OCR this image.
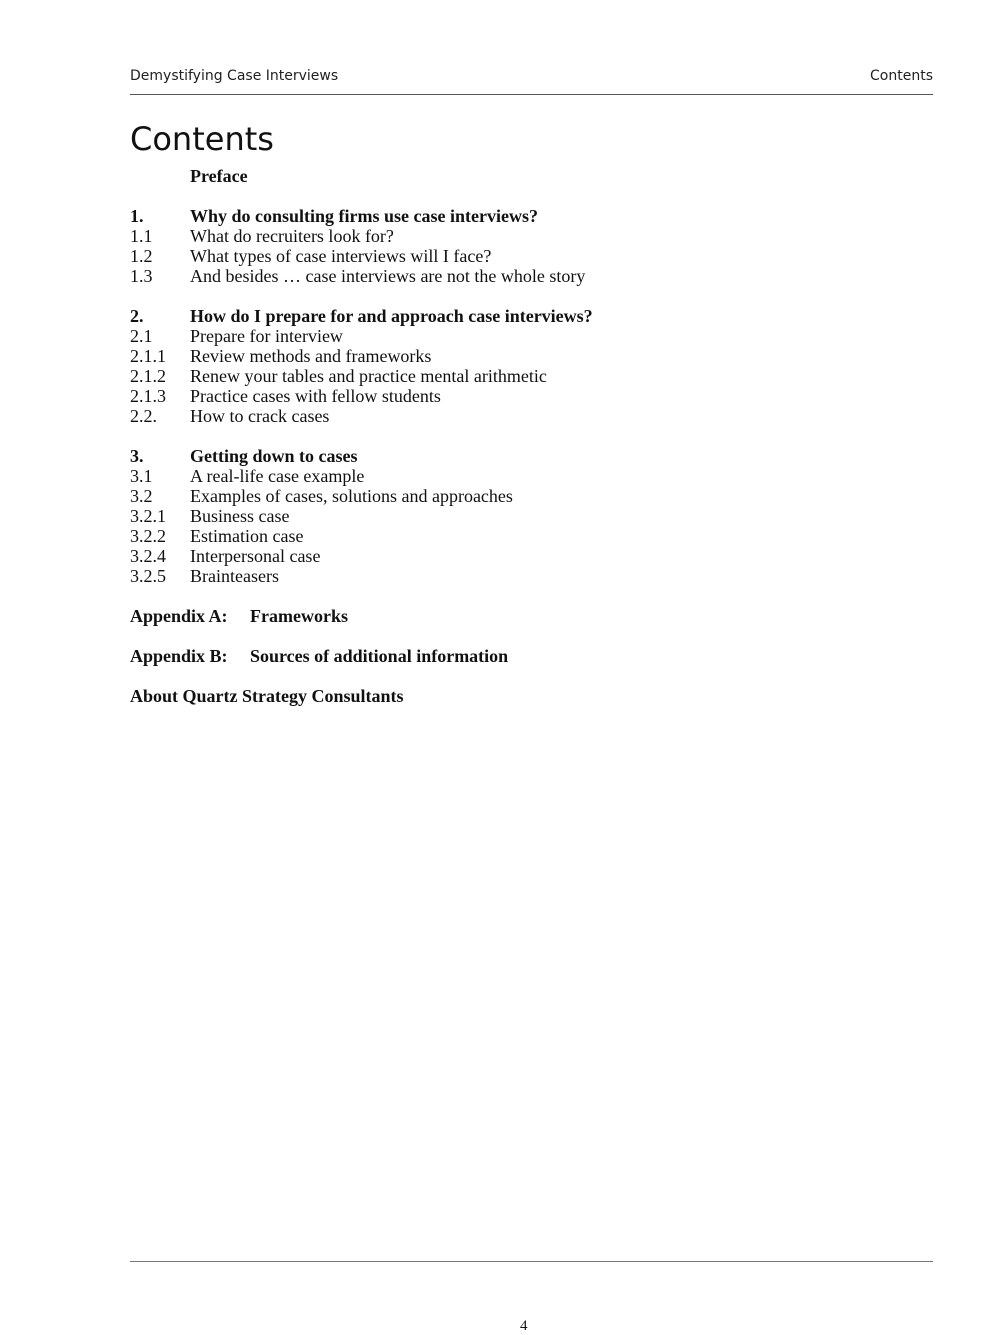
Demystifying Case Interviews	Contents
Contents
Preface
1.	Why do consulting firms use case interviews?
1.1 What do recruiters look for?
1.2 What types of case interviews will I face?
1.3 And besides … case interviews are not the whole story
2.	How do I prepare for and approach case interviews?
2.1 Prepare for interview
2.1.1 Review methods and frameworks
2.1.2 Renew your tables and practice mental arithmetic
2.1.3 Practice cases with fellow students
2.2. How to crack cases
3.	Getting down to cases
3.1 A real-life case example
3.2 Examples of cases, solutions and approaches
3.2.1 Business case
3.2.2 Estimation case
3.2.4 Interpersonal case
3.2.5 Brainteasers
Appendix A: Frameworks
Appendix B: Sources of additional information
About Quartz Strategy Consultants
4
